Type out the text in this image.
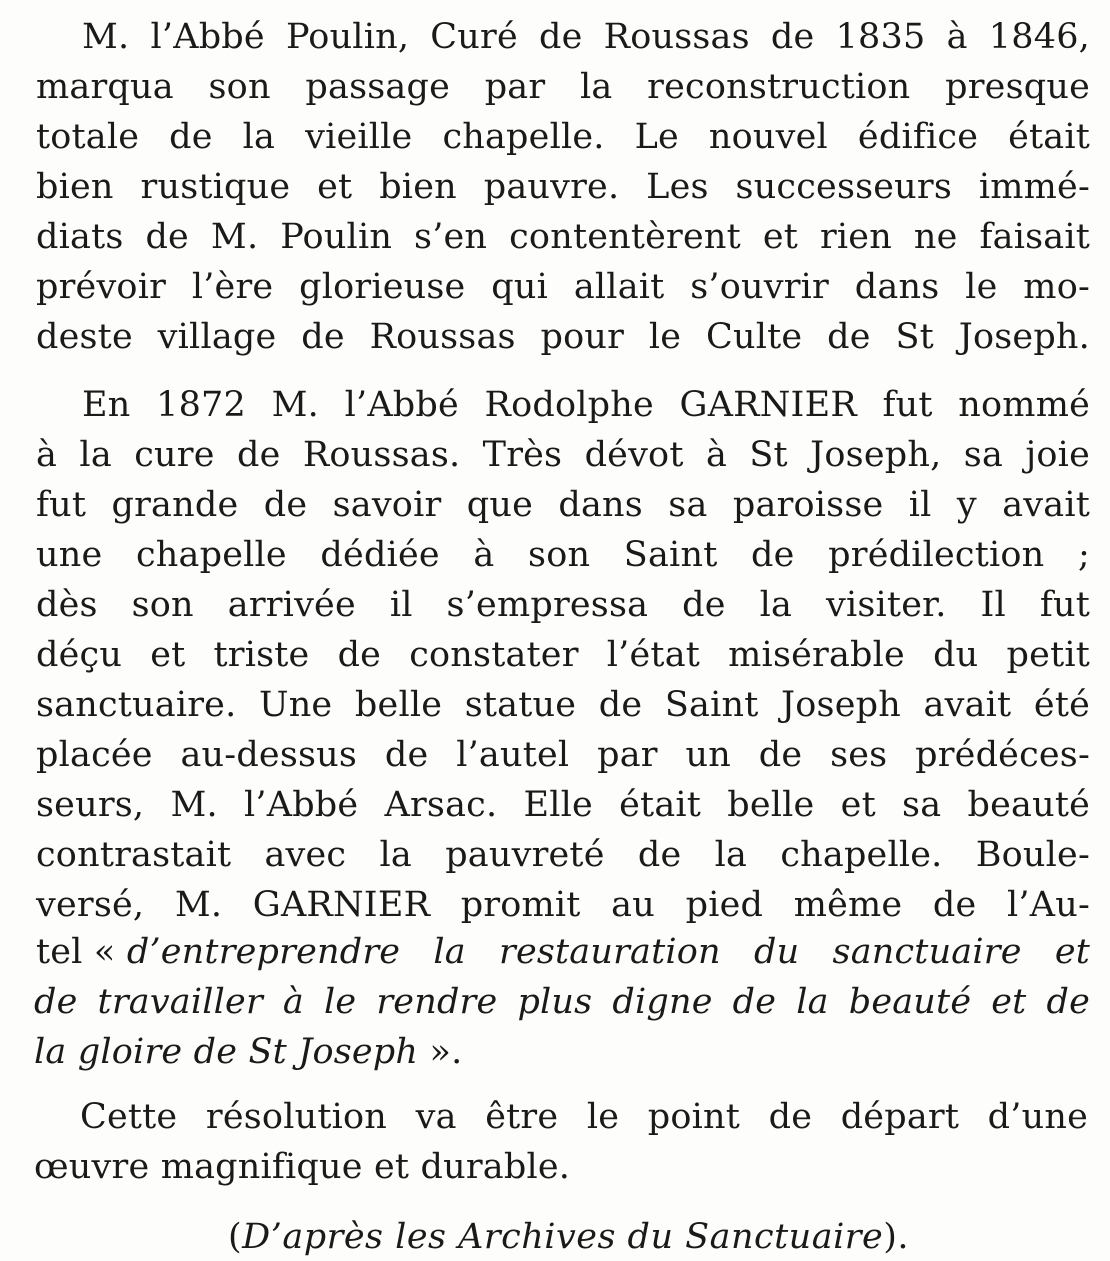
M. l’Abbé Poulin, Curé de Roussas de 1835 à 1846,
marqua son passage par la reconstruction presque
totale de la vieille chapelle. Le nouvel édifice était
bien rustique et bien pauvre. Les successeurs immé-
diats de M. Poulin s’en contentèrent et rien ne faisait
prévoir l’ère glorieuse qui allait s’ouvrir dans le mo-
deste village de Roussas pour le Culte de St Joseph.
En 1872 M. l’Abbé Rodolphe GARNIER fut nommé
à la cure de Roussas. Très dévot à St Joseph, sa joie
fut grande de savoir que dans sa paroisse il y avait
une chapelle dédiée à son Saint de prédilection ;
dès son arrivée il s’empressa de la visiter. Il fut
déçu et triste de constater l’état misérable du petit
sanctuaire. Une belle statue de Saint Joseph avait été
placée au-dessus de l’autel par un de ses prédéces-
seurs, M. l’Abbé Arsac. Elle était belle et sa beauté
contrastait avec la pauvreté de la chapelle. Boule-
versé, M. GARNIER promit au pied même de l’Au-
tel « d’entreprendre la restauration du sanctuaire et
de travailler à le rendre plus digne de la beauté et de
la gloire de St Joseph ».
Cette résolution va être le point de départ d’une
œuvre magnifique et durable.
(D’après les Archives du Sanctuaire).
